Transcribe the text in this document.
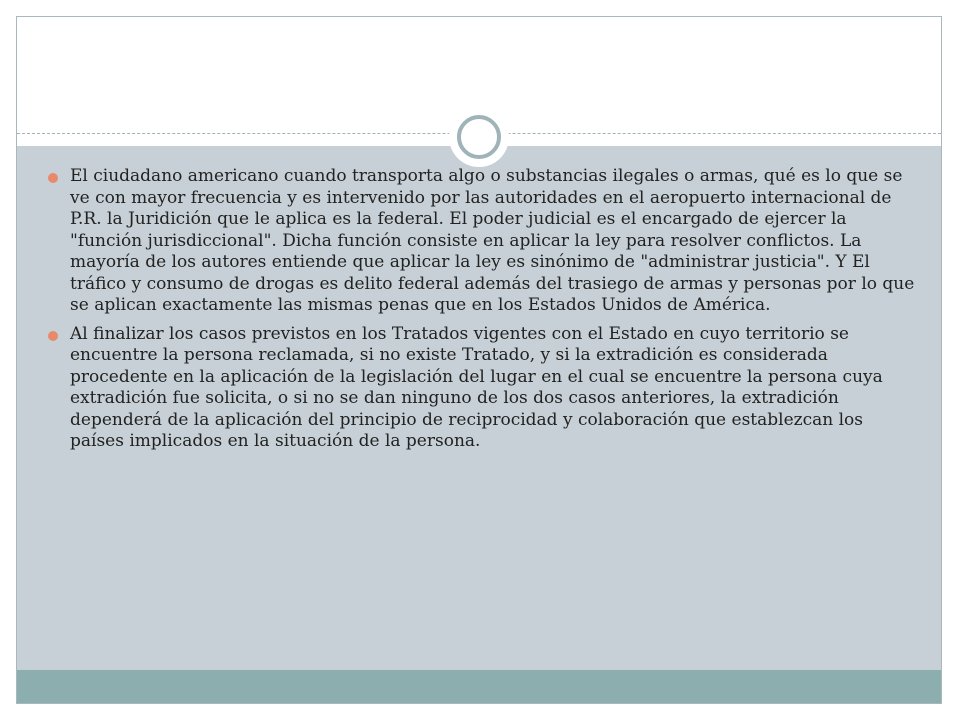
El ciudadano americano cuando transporta algo o substancias ilegales o armas, qué es lo que se ve con mayor frecuencia y es intervenido por las autoridades en el aeropuerto internacional de P.R. la Juridición que le aplica es la federal. El poder judicial es el encargado de ejercer la "función jurisdiccional". Dicha función consiste en aplicar la ley para resolver conflictos. La mayoría de los autores entiende que aplicar la ley es sinónimo de "administrar justicia". Y El tráfico y consumo de drogas es delito federal además del trasiego de armas y personas por lo que se aplican exactamente las mismas penas que en los Estados Unidos de América.
Al finalizar los casos previstos en los Tratados vigentes con el Estado en cuyo territorio se encuentre la persona reclamada, si no existe Tratado, y si la extradición es considerada procedente en la aplicación de la legislación del lugar en el cual se encuentre la persona cuya extradición fue solicita, o si no se dan ninguno de los dos casos anteriores, la extradición dependerá de la aplicación del principio de reciprocidad y colaboración que establezcan los países implicados en la situación de la persona.
